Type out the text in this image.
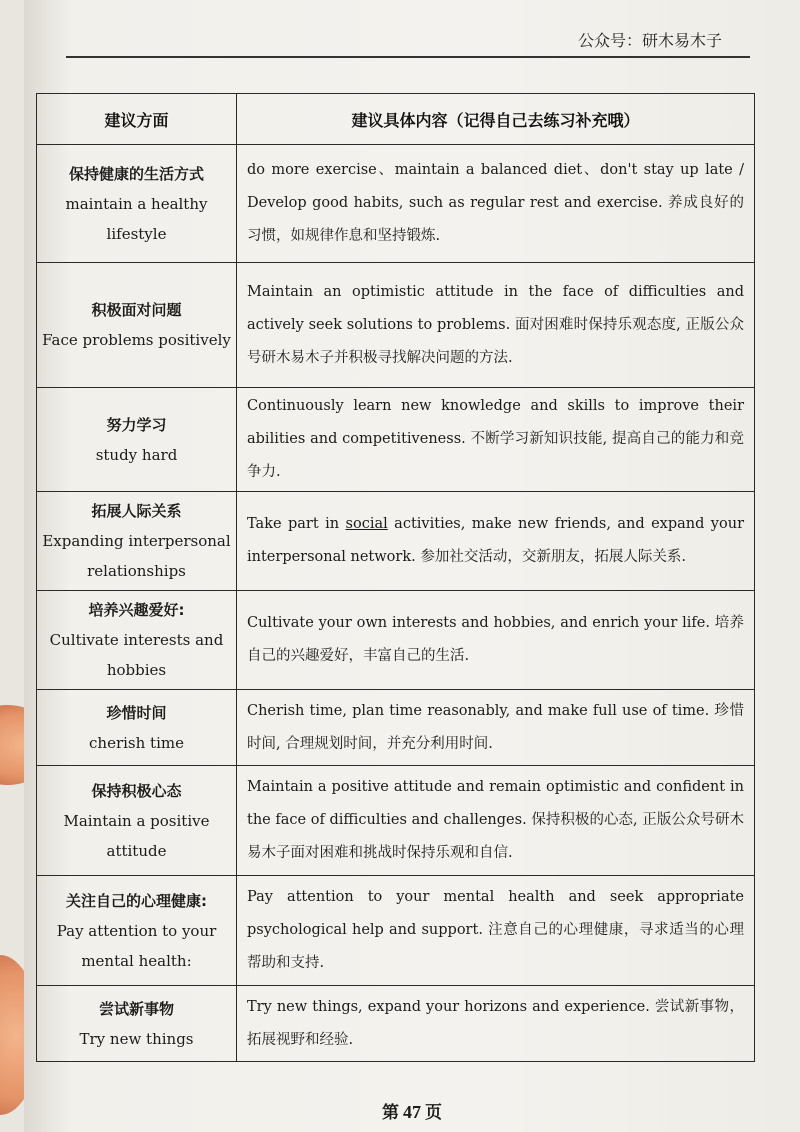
公众号：研木易木子
建议方面	建议具体内容（记得自己去练习补充哦）

保持健康的生活方式
maintain a healthy lifestyle	do more exercise、maintain a balanced diet、don't stay up late / Develop good habits, such as regular rest and exercise. 养成良好的习惯，如规律作息和坚持锻炼.

积极面对问题
Face problems positively	Maintain an optimistic attitude in the face of difficulties and actively seek solutions to problems. 面对困难时保持乐观态度, 正版公众号研木易木子并积极寻找解决问题的方法.

努力学习
study hard	Continuously learn new knowledge and skills to improve their abilities and competitiveness. 不断学习新知识技能, 提高自己的能力和竞争力.

拓展人际关系
Expanding interpersonal relationships	Take part in social activities, make new friends, and expand your interpersonal network. 参加社交活动，交新朋友，拓展人际关系.

培养兴趣爱好:
Cultivate interests and hobbies	Cultivate your own interests and hobbies, and enrich your life. 培养自己的兴趣爱好，丰富自己的生活.

珍惜时间
cherish time	Cherish time, plan time reasonably, and make full use of time. 珍惜时间, 合理规划时间，并充分利用时间.

保持积极心态
Maintain a positive attitude	Maintain a positive attitude and remain optimistic and confident in the face of difficulties and challenges. 保持积极的心态, 正版公众号研木易木子面对困难和挑战时保持乐观和自信.

关注自己的心理健康:
Pay attention to your mental health:	Pay attention to your mental health and seek appropriate psychological help and support. 注意自己的心理健康，寻求适当的心理帮助和支持.

尝试新事物
Try new things	Try new things, expand your horizons and experience. 尝试新事物，拓展视野和经验.
第 47 页
